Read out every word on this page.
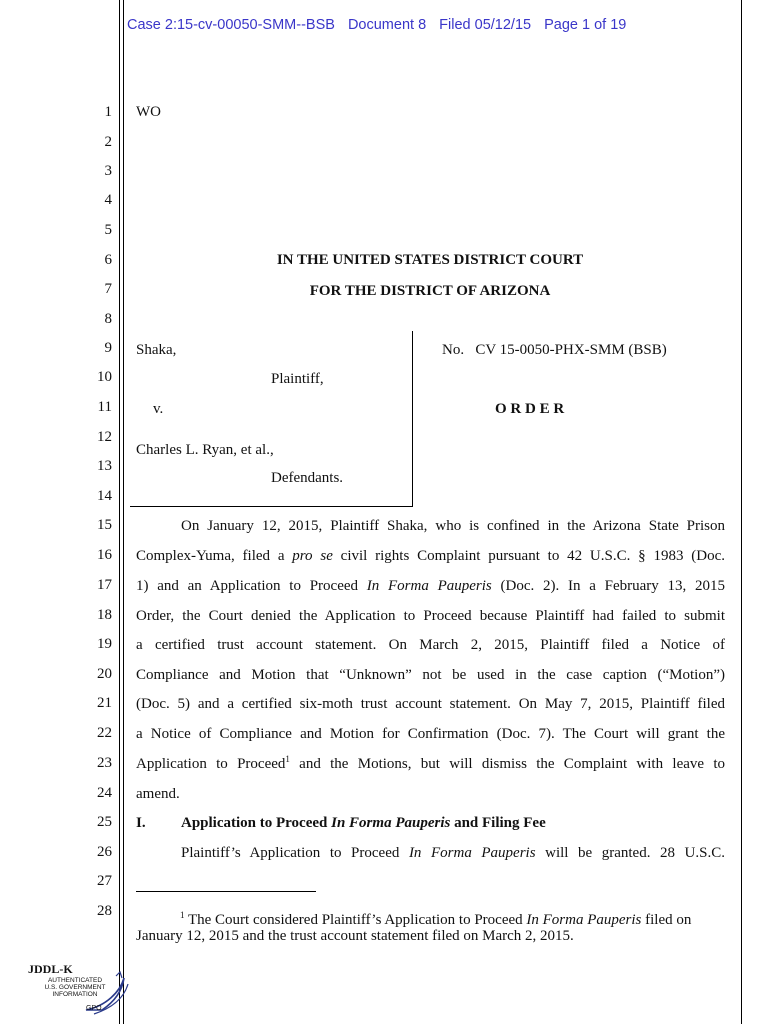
Case 2:15-cv-00050-SMM--BSB Document 8 Filed 05/12/15 Page 1 of 19
1
2
3
4
5
6
7
8
9
10
11
12
13
14
15
16
17
18
19
20
21
22
23
24
25
26
27
28
WO
IN THE UNITED STATES DISTRICT COURT
FOR THE DISTRICT OF ARIZONA
Shaka,
Plaintiff,
v.
Charles L. Ryan, et al.,
Defendants.
No.   CV 15-0050-PHX-SMM (BSB)
O R D E R
On January 12, 2015, Plaintiff Shaka, who is confined in the Arizona State Prison
Complex-Yuma, filed a pro se civil rights Complaint pursuant to 42 U.S.C. § 1983 (Doc.
1) and an Application to Proceed In Forma Pauperis (Doc. 2). In a February 13, 2015
Order, the Court denied the Application to Proceed because Plaintiff had failed to submit
a certified trust account statement. On March 2, 2015, Plaintiff filed a Notice of
Compliance and Motion that “Unknown” not be used in the case caption (“Motion”)
(Doc. 5) and a certified six-moth trust account statement. On May 7, 2015, Plaintiff filed
a Notice of Compliance and Motion for Confirmation (Doc. 7). The Court will grant the
Application to Proceed$^1$ and the Motions, but will dismiss the Complaint with leave to
amend.
I. Application to Proceed In Forma Pauperis and Filing Fee
Plaintiff’s Application to Proceed In Forma Pauperis will be granted. 28 U.S.C.
$^1$ The Court considered Plaintiff’s Application to Proceed In Forma Pauperis filed on January 12, 2015 and the trust account statement filed on March 2, 2015.
JDDL-K
AUTHENTICATED
U.S. GOVERNMENT
INFORMATION
GPO
